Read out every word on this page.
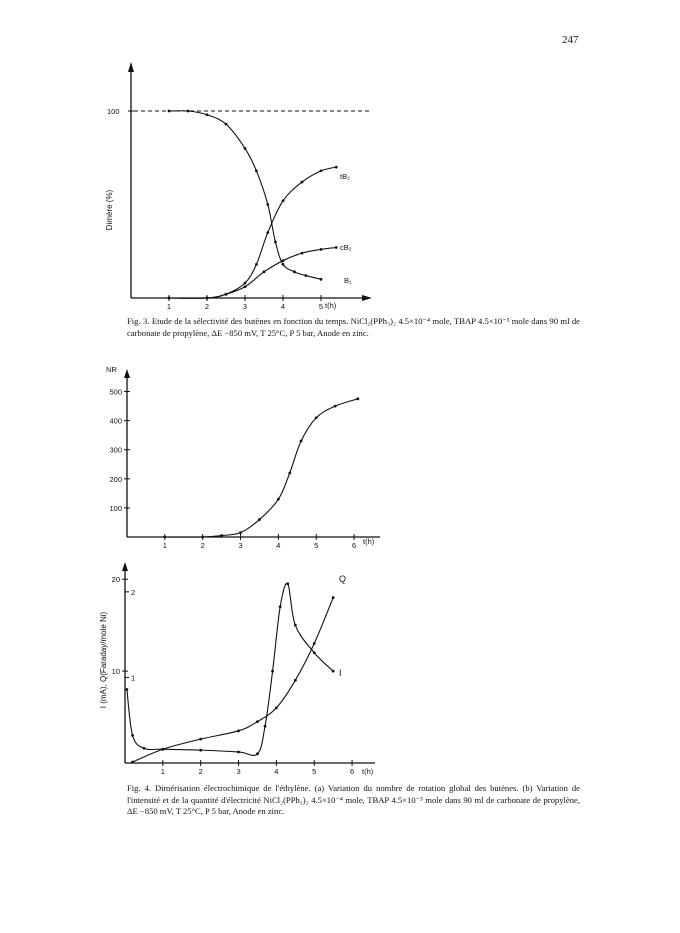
247
100
Dimère (%)
1	2	3	4	5 t(h)
tB₂
cB₂
B₁
NR
100
200
300
400
500
1	2	3	4	5	6 t(h)
I (mA), Q(Faraday/mole Ni) 10
20
1
2
1	2	3	4	5	6 t(h)
Q
I
Fig. 3. Etude de la sélectivité des butènes en fonction du temps. NiCl₂(PPh₃)₂ 4.5×10⁻⁴ mole, TBAP 4.5×10⁻³ mole dans 90 ml de carbonate de propylène, ΔE −850 mV, T 25°C, P 5 bar, Anode en zinc.
Fig. 4. Dimérisation électrochimique de l'éthylène. (a) Variation du nombre de rotation global des butènes. (b) Variation de l'intensité et de la quantité d'électricité NiCl₂(PPh₃)₂ 4.5×10⁻⁴ mole, TBAP 4.5×10⁻³ mole dans 90 ml de carbonate de propylène, ΔE −850 mV, T 25°C, P 5 bar, Anode en zinc.
